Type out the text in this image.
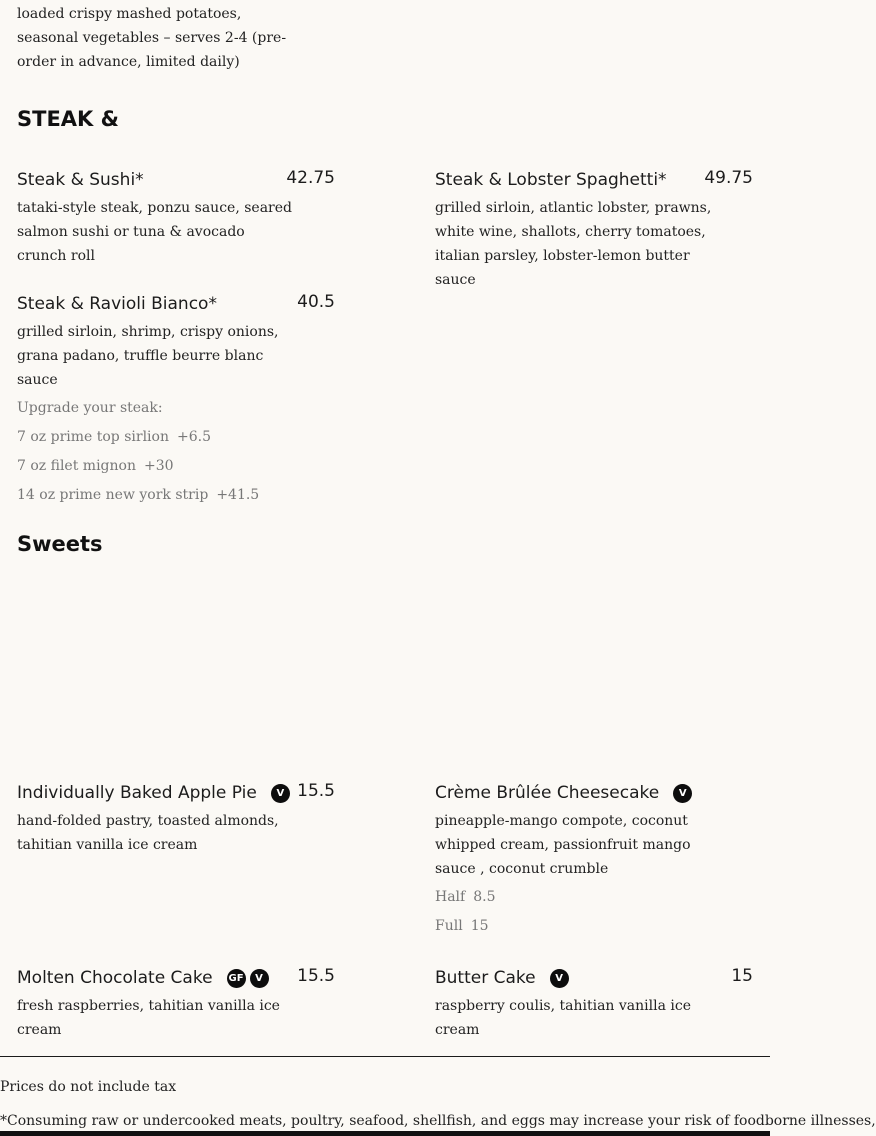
loaded crispy mashed potatoes, seasonal vegetables – serves 2-4 (pre-order in advance, limited daily)
STEAK &
Steak & Sushi*	42.75
tataki-style steak, ponzu sauce, seared salmon sushi or tuna & avocado crunch roll
Steak & Lobster Spaghetti* 49.75
grilled sirloin, atlantic lobster, prawns, white wine, shallots, cherry tomatoes, italian parsley, lobster-lemon butter sauce
Steak & Ravioli Bianco*	40.5
grilled sirloin, shrimp, crispy onions, grana padano, truffle beurre blanc sauce
Upgrade your steak:
7 oz prime top sirlion +6.5
7 oz filet mignon +30
14 oz prime new york strip +41.5
Sweets
Individually Baked Apple Pie V 15.5
hand-folded pastry, toasted almonds, tahitian vanilla ice cream
Crème Brûlée Cheesecake V
pineapple-mango compote, coconut whipped cream, passionfruit mango sauce , coconut crumble
Half 8.5
Full 15
Molten Chocolate Cake GF V 15.5
fresh raspberries, tahitian vanilla ice cream
Butter Cake V	15
raspberry coulis, tahitian vanilla ice cream
Prices do not include tax
*Consuming raw or undercooked meats, poultry, seafood, shellfish, and eggs may increase your risk of foodborne illnesses,
